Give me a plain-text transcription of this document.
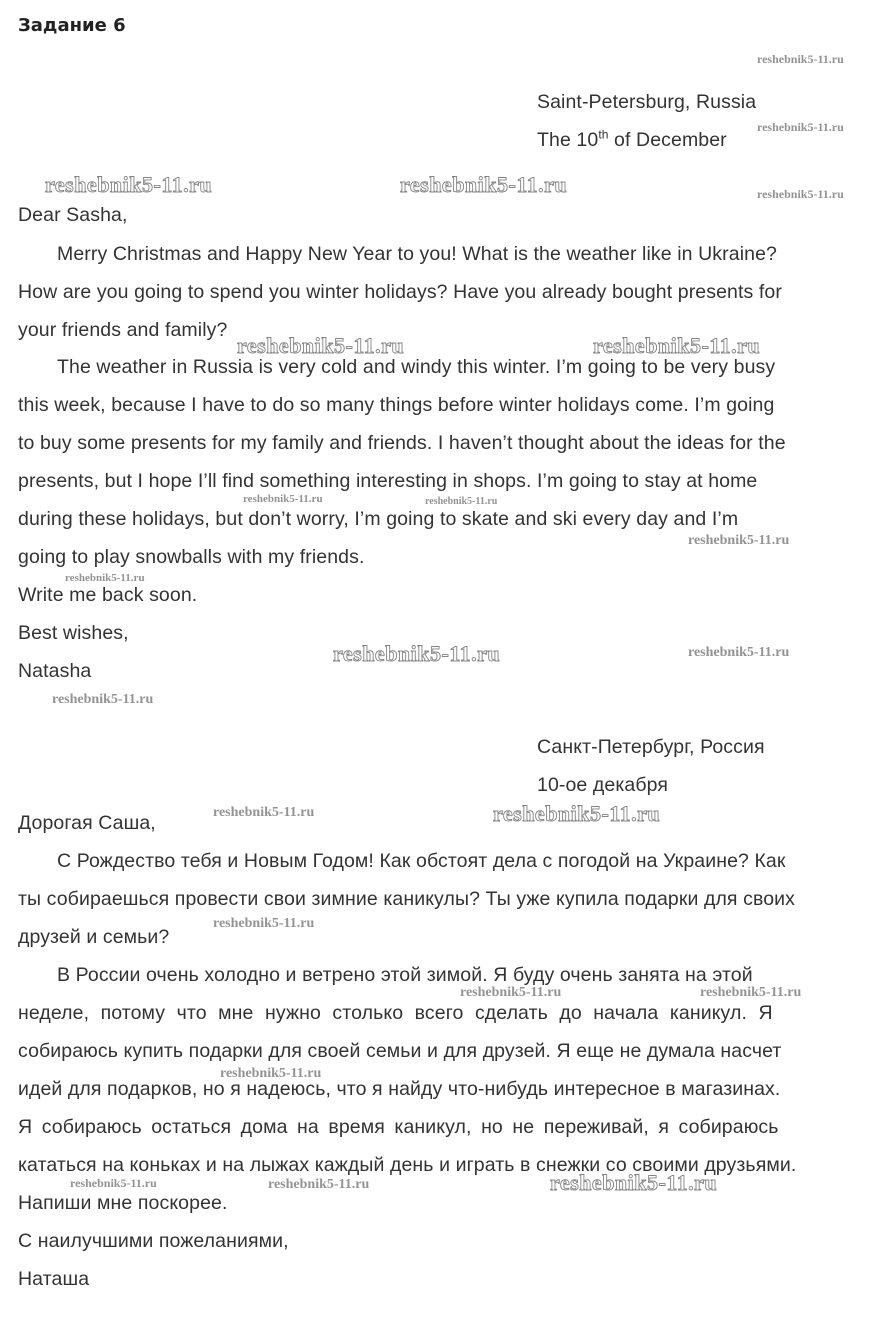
Задание 6
Saint-Petersburg, Russia
The 10th of December
Dear Sasha,
Merry Christmas and Happy New Year to you! What is the weather like in Ukraine?
How are you going to spend you winter holidays? Have you already bought presents for
your friends and family?
The weather in Russia is very cold and windy this winter. I’m going to be very busy
this week, because I have to do so many things before winter holidays come. I’m going
to buy some presents for my family and friends. I haven’t thought about the ideas for the
presents, but I hope I’ll find something interesting in shops. I’m going to stay at home
during these holidays, but don’t worry, I’m going to skate and ski every day and I’m
going to play snowballs with my friends.
Write me back soon.
Best wishes,
Natasha
Санкт-Петербург, Россия
10-ое декабря
Дорогая Саша,
С Рождество тебя и Новым Годом! Как обстоят дела с погодой на Украине? Как
ты собираешься провести свои зимние каникулы? Ты уже купила подарки для своих
друзей и семьи?
В России очень холодно и ветрено этой зимой. Я буду очень занята на этой
неделе, потому что мне нужно столько всего сделать до начала каникул. Я
собираюсь купить подарки для своей семьи и для друзей. Я еще не думала насчет
идей для подарков, но я надеюсь, что я найду что-нибудь интересное в магазинах.
Я собираюсь остаться дома на время каникул, но не переживай, я собираюсь
кататься на коньках и на лыжах каждый день и играть в снежки со своими друзьями.
Напиши мне поскорее.
С наилучшими пожеланиями,
Наташа
reshebnik5-11.ru
reshebnik5-11.ru
reshebnik5-11.ru
reshebnik5-11.ru	reshebnik5-11.ru
reshebnik5-11.ru	reshebnik5-11.ru
reshebnik5-11.ru	reshebnik5-11.ru
reshebnik5-11.ru
reshebnik5-11.ru
reshebnik5-11.ru	reshebnik5-11.ru
reshebnik5-11.ru
reshebnik5-11.ru	reshebnik5-11.ru
reshebnik5-11.ru
reshebnik5-11.ru	reshebnik5-11.ru
reshebnik5-11.ru
reshebnik5-11.ru	reshebnik5-11.ru	reshebnik5-11.ru
